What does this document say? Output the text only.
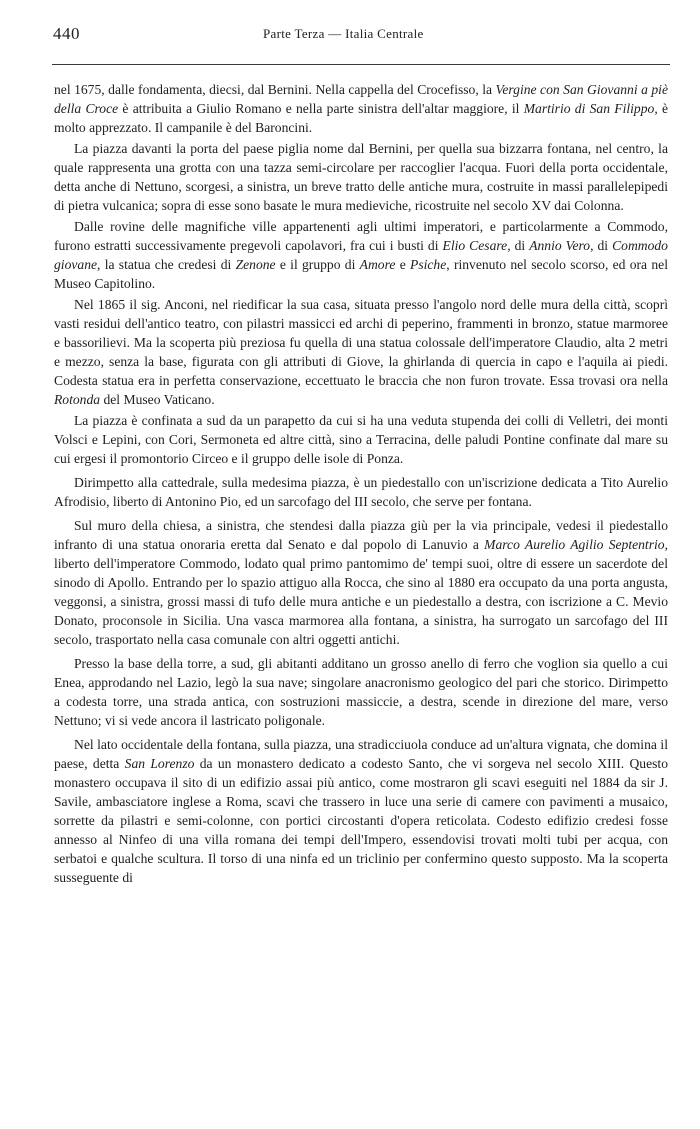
440	Parte Terza — Italia Centrale

nel 1675, dalle fondamenta, diecsi, dal Bernini. Nella cappella del Crocefisso, la Vergine con San Giovanni a piè della Croce è attribuita a Giulio Romano e nella parte sinistra dell'altar maggiore, il Martirio di San Filippo, è molto apprezzato. Il campanile è del Baroncini.

La piazza davanti la porta del paese piglia nome dal Bernini, per quella sua bizzarra fontana, nel centro, la quale rappresenta una grotta con una tazza semi-circolare per raccoglier l'acqua. Fuori della porta occidentale, detta anche di Nettuno, scorgesi, a sinistra, un breve tratto delle antiche mura, costruite in massi parallelepipedi di pietra vulcanica; sopra di esse sono basate le mura medieviche, ricostruite nel secolo XV dai Colonna.

Dalle rovine delle magnifiche ville appartenenti agli ultimi imperatori, e particolarmente a Commodo, furono estratti successivamente pregevoli capolavori, fra cui i busti di Elio Cesare, di Annio Vero, di Commodo giovane, la statua che credesi di Zenone e il gruppo di Amore e Psiche, rinvenuto nel secolo scorso, ed ora nel Museo Capitolino.

Nel 1865 il sig. Anconi, nel riedificar la sua casa, situata presso l'angolo nord delle mura della città, scoprì vasti residui dell'antico teatro, con pilastri massicci ed archi di peperino, frammenti in bronzo, statue marmoree e bassorilievi. Ma la scoperta più preziosa fu quella di una statua colossale dell'imperatore Claudio, alta 2 metri e mezzo, senza la base, figurata con gli attributi di Giove, la ghirlanda di quercia in capo e l'aquila ai piedi. Codesta statua era in perfetta conservazione, eccettuato le braccia che non furon trovate. Essa trovasi ora nella Rotonda del Museo Vaticano.

La piazza è confinata a sud da un parapetto da cui si ha una veduta stupenda dei colli di Velletri, dei monti Volsci e Lepini, con Cori, Sermoneta ed altre città, sino a Terracina, delle paludi Pontine confinate dal mare su cui ergesi il promontorio Circeo e il gruppo delle isole di Ponza.

Dirimpetto alla cattedrale, sulla medesima piazza, è un piedestallo con un'iscrizione dedicata a Tito Aurelio Afrodisio, liberto di Antonino Pio, ed un sarcofago del III secolo, che serve per fontana.

Sul muro della chiesa, a sinistra, che stendesi dalla piazza giù per la via principale, vedesi il piedestallo infranto di una statua onoraria eretta dal Senato e dal popolo di Lanuvio a Marco Aurelio Agilio Septentrio, liberto dell'imperatore Commodo, lodato qual primo pantomimo de' tempi suoi, oltre di essere un sacerdote del sinodo di Apollo. Entrando per lo spazio attiguo alla Rocca, che sino al 1880 era occupato da una porta angusta, veggonsi, a sinistra, grossi massi di tufo delle mura antiche e un piedestallo a destra, con iscrizione a C. Mevio Donato, proconsole in Sicilia. Una vasca marmorea alla fontana, a sinistra, ha surrogato un sarcofago del III secolo, trasportato nella casa comunale con altri oggetti antichi.

Presso la base della torre, a sud, gli abitanti additano un grosso anello di ferro che voglion sia quello a cui Enea, approdando nel Lazio, legò la sua nave; singolare anacronismo geologico del pari che storico. Dirimpetto a codesta torre, una strada antica, con sostruzioni massiccie, a destra, scende in direzione del mare, verso Nettuno; vi si vede ancora il lastricato poligonale.

Nel lato occidentale della fontana, sulla piazza, una stradicciuola conduce ad un'altura vignata, che domina il paese, detta San Lorenzo da un monastero dedicato a codesto Santo, che vi sorgeva nel secolo XIII. Questo monastero occupava il sito di un edifizio assai più antico, come mostraron gli scavi eseguiti nel 1884 da sir J. Savile, ambasciatore inglese a Roma, scavi che trassero in luce una serie di camere con pavimenti a musaico, sorrette da pilastri e semi-colonne, con portici circostanti d'opera reticolata. Codesto edifizio credesi fosse annesso al Ninfeo di una villa romana dei tempi dell'Impero, essendovisi trovati molti tubi per acqua, con serbatoi e qualche scultura. Il torso di una ninfa ed un triclinio per confermino questo supposto. Ma la scoperta susseguente di
